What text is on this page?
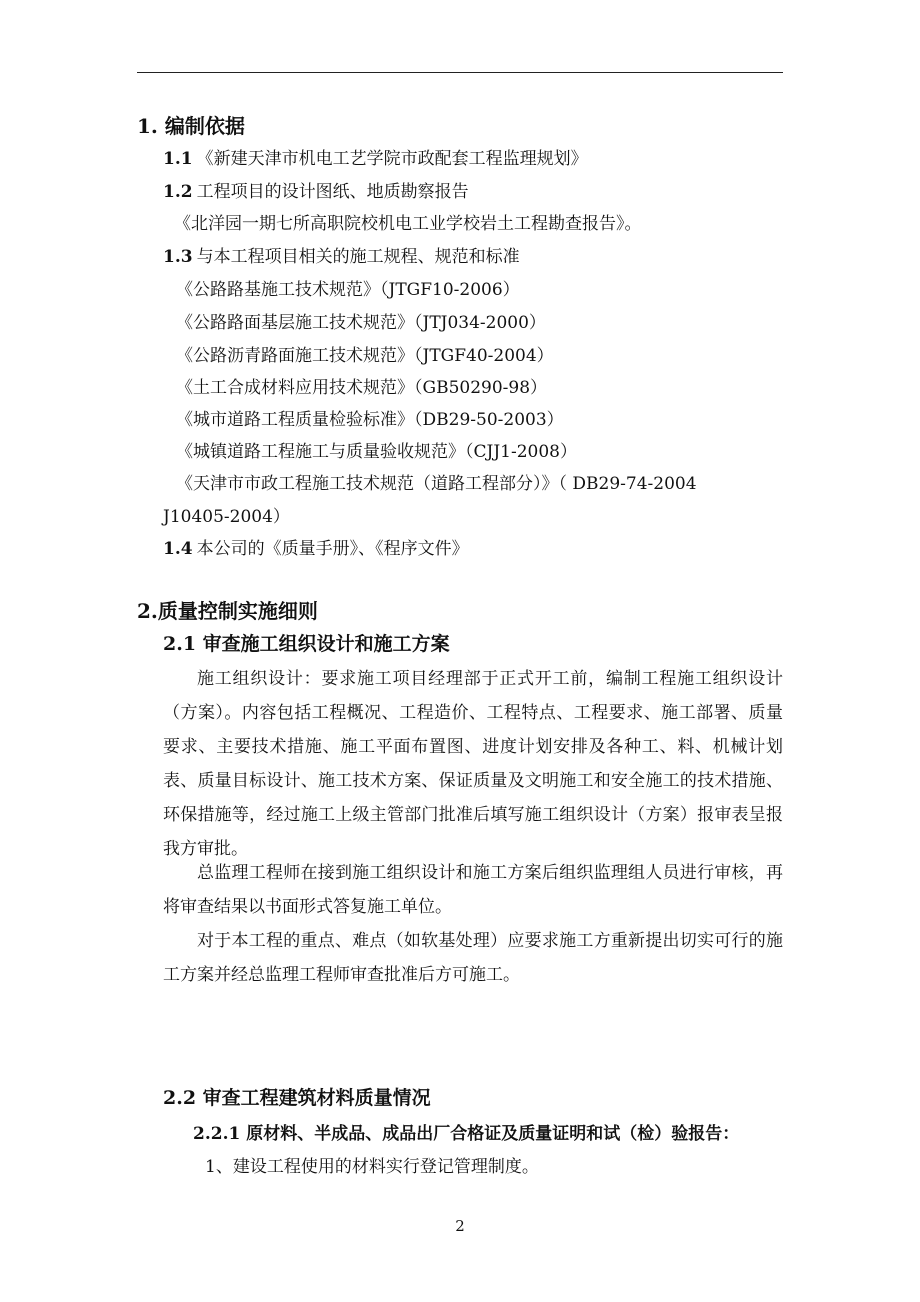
1. 编制依据
1.1 《新建天津市机电工艺学院市政配套工程监理规划》
1.2 工程项目的设计图纸、地质勘察报告
《北洋园一期七所高职院校机电工业学校岩土工程勘查报告》。
1.3 与本工程项目相关的施工规程、规范和标准
《公路路基施工技术规范》（JTGF10-2006）
《公路路面基层施工技术规范》（JTJ034-2000）
《公路沥青路面施工技术规范》（JTGF40-2004）
《土工合成材料应用技术规范》（GB50290-98）
《城市道路工程质量检验标准》（DB29-50-2003）
《城镇道路工程施工与质量验收规范》（CJJ1-2008）
《天津市市政工程施工技术规范（道路工程部分）》（ DB29-74-2004
J10405-2004）
1.4 本公司的《质量手册》、《程序文件》
2.质量控制实施细则
2.1 审查施工组织设计和施工方案
施工组织设计：要求施工项目经理部于正式开工前，编制工程施工组织设计（方案）。内容包括工程概况、工程造价、工程特点、工程要求、施工部署、质量要求、主要技术措施、施工平面布置图、进度计划安排及各种工、料、机械计划表、质量目标设计、施工技术方案、保证质量及文明施工和安全施工的技术措施、环保措施等，经过施工上级主管部门批准后填写施工组织设计（方案）报审表呈报我方审批。
总监理工程师在接到施工组织设计和施工方案后组织监理组人员进行审核，再将审查结果以书面形式答复施工单位。
对于本工程的重点、难点（如软基处理）应要求施工方重新提出切实可行的施工方案并经总监理工程师审查批准后方可施工。
2.2 审查工程建筑材料质量情况
2.2.1 原材料、半成品、成品出厂合格证及质量证明和试（检）验报告：
1、建设工程使用的材料实行登记管理制度。
2
